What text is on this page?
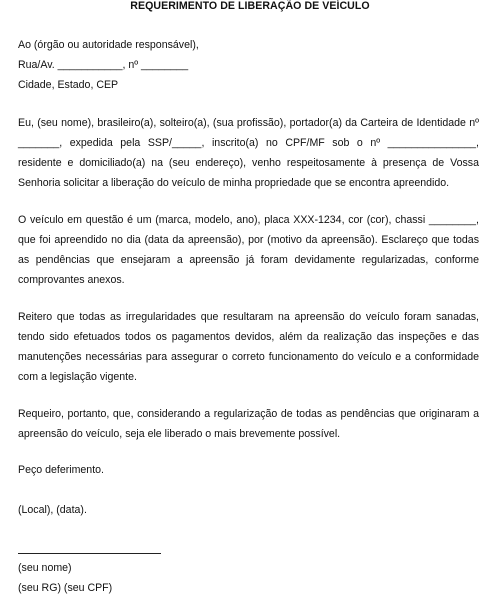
REQUERIMENTO DE LIBERAÇÃO DE VEÍCULO
Ao (órgão ou autoridade responsável),
Rua/Av. ___________, nº ________
Cidade, Estado, CEP

Eu, (seu nome), brasileiro(a), solteiro(a), (sua profissão), portador(a) da Carteira de Identidade nº _______, expedida pela SSP/_____, inscrito(a) no CPF/MF sob o nº _______________, residente e domiciliado(a) na (seu endereço), venho respeitosamente à presença de Vossa Senhoria solicitar a liberação do veículo de minha propriedade que se encontra apreendido.

O veículo em questão é um (marca, modelo, ano), placa XXX-1234, cor (cor), chassi ________, que foi apreendido no dia (data da apreensão), por (motivo da apreensão). Esclareço que todas as pendências que ensejaram a apreensão já foram devidamente regularizadas, conforme comprovantes anexos.

Reitero que todas as irregularidades que resultaram na apreensão do veículo foram sanadas, tendo sido efetuados todos os pagamentos devidos, além da realização das inspeções e das manutenções necessárias para assegurar o correto funcionamento do veículo e a conformidade com a legislação vigente.

Requeiro, portanto, que, considerando a regularização de todas as pendências que originaram a apreensão do veículo, seja ele liberado o mais brevemente possível.

Peço deferimento.
(Local), (data).
(seu nome)
(seu RG) (seu CPF)
